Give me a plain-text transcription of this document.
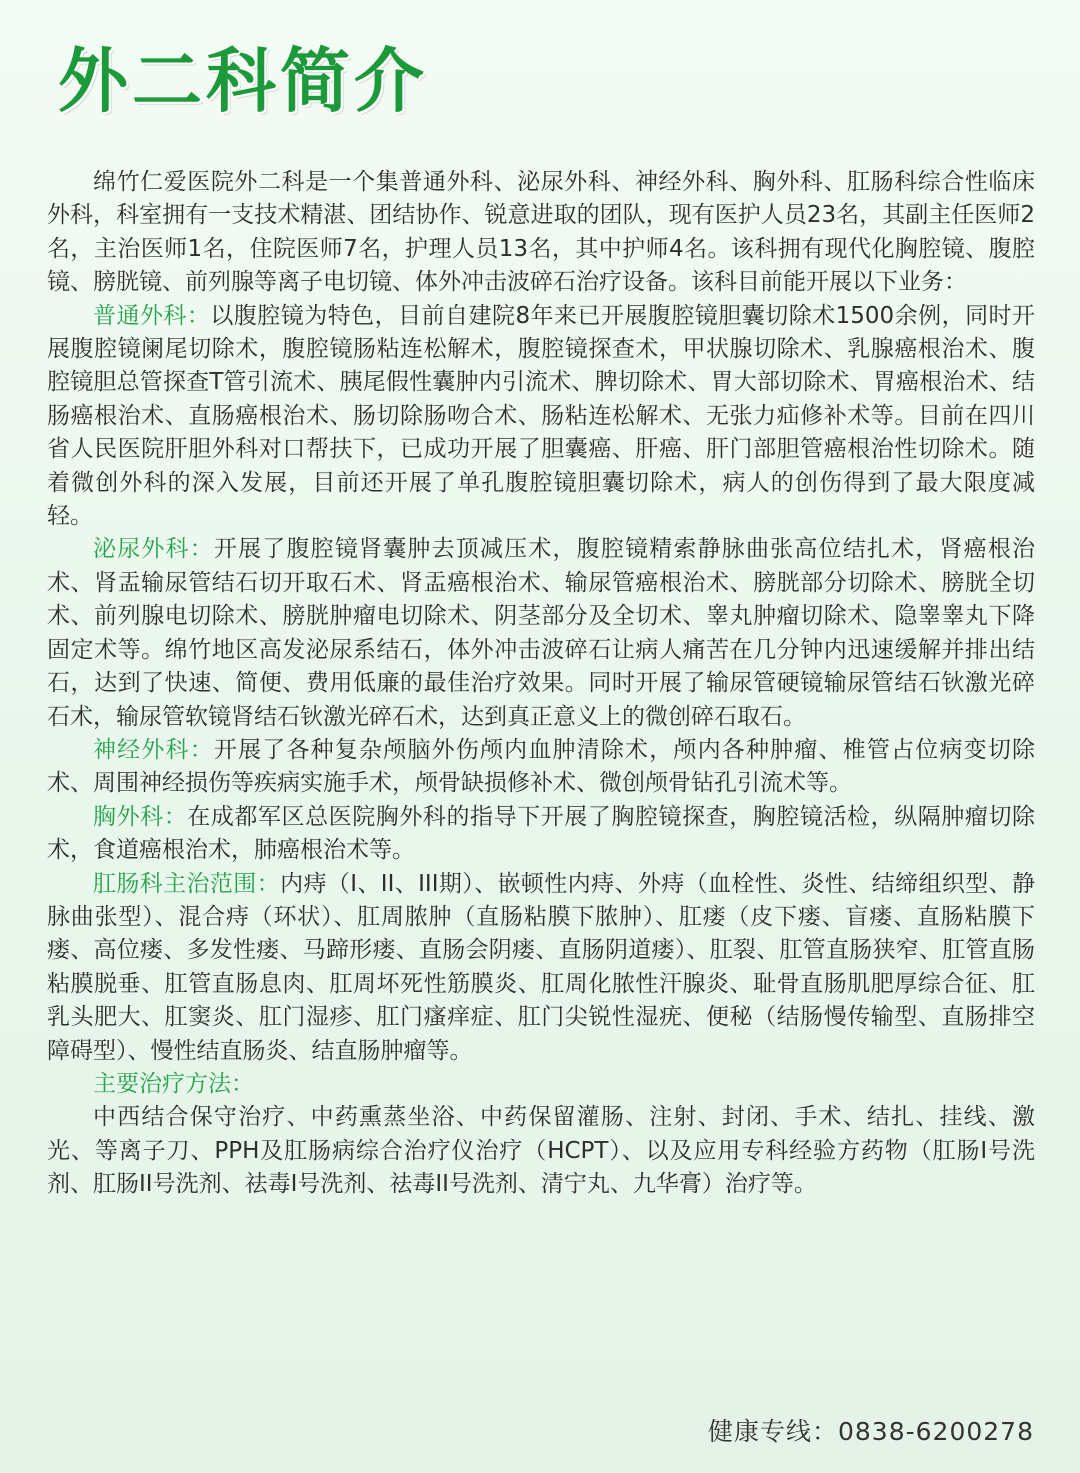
外二科简介

绵竹仁爱医院外二科是一个集普通外科、泌尿外科、神经外科、胸外科、肛肠科综合性临床外科，科室拥有一支技术精湛、团结协作、锐意进取的团队，现有医护人员23名，其副主任医师2名，主治医师1名，住院医师7名，护理人员13名，其中护师4名。该科拥有现代化胸腔镜、腹腔镜、膀胱镜、前列腺等离子电切镜、体外冲击波碎石治疗设备。该科目前能开展以下业务：

普通外科：以腹腔镜为特色，目前自建院8年来已开展腹腔镜胆囊切除术1500余例，同时开展腹腔镜阑尾切除术，腹腔镜肠粘连松解术，腹腔镜探查术，甲状腺切除术、乳腺癌根治术、腹腔镜胆总管探查T管引流术、胰尾假性囊肿内引流术、脾切除术、胃大部切除术、胃癌根治术、结肠癌根治术、直肠癌根治术、肠切除肠吻合术、肠粘连松解术、无张力疝修补术等。目前在四川省人民医院肝胆外科对口帮扶下，已成功开展了胆囊癌、肝癌、肝门部胆管癌根治性切除术。随着微创外科的深入发展，目前还开展了单孔腹腔镜胆囊切除术，病人的创伤得到了最大限度减轻。

泌尿外科：开展了腹腔镜肾囊肿去顶减压术，腹腔镜精索静脉曲张高位结扎术，肾癌根治术、肾盂输尿管结石切开取石术、肾盂癌根治术、输尿管癌根治术、膀胱部分切除术、膀胱全切术、前列腺电切除术、膀胱肿瘤电切除术、阴茎部分及全切术、睾丸肿瘤切除术、隐睾睾丸下降固定术等。绵竹地区高发泌尿系结石，体外冲击波碎石让病人痛苦在几分钟内迅速缓解并排出结石，达到了快速、简便、费用低廉的最佳治疗效果。同时开展了输尿管硬镜输尿管结石钬激光碎石术，输尿管软镜肾结石钬激光碎石术，达到真正意义上的微创碎石取石。

神经外科：开展了各种复杂颅脑外伤颅内血肿清除术，颅内各种肿瘤、椎管占位病变切除术、周围神经损伤等疾病实施手术，颅骨缺损修补术、微创颅骨钻孔引流术等。

胸外科：在成都军区总医院胸外科的指导下开展了胸腔镜探查，胸腔镜活检，纵隔肿瘤切除术，食道癌根治术，肺癌根治术等。

肛肠科主治范围：内痔（I、II、III期）、嵌顿性内痔、外痔（血栓性、炎性、结缔组织型、静脉曲张型）、混合痔（环状）、肛周脓肿（直肠粘膜下脓肿）、肛瘘（皮下瘘、盲瘘、直肠粘膜下瘘、高位瘘、多发性瘘、马蹄形瘘、直肠会阴瘘、直肠阴道瘘）、肛裂、肛管直肠狭窄、肛管直肠粘膜脱垂、肛管直肠息肉、肛周坏死性筋膜炎、肛周化脓性汗腺炎、耻骨直肠肌肥厚综合征、肛乳头肥大、肛窦炎、肛门湿疹、肛门瘙痒症、肛门尖锐性湿疣、便秘（结肠慢传输型、直肠排空障碍型）、慢性结直肠炎、结直肠肿瘤等。

主要治疗方法：

中西结合保守治疗、中药熏蒸坐浴、中药保留灌肠、注射、封闭、手术、结扎、挂线、激光、等离子刀、PPH及肛肠病综合治疗仪治疗（HCPT）、以及应用专科经验方药物（肛肠I号洗剂、肛肠II号洗剂、祛毒I号洗剂、祛毒II号洗剂、清宁丸、九华膏）治疗等。

健康专线：0838-6200278
